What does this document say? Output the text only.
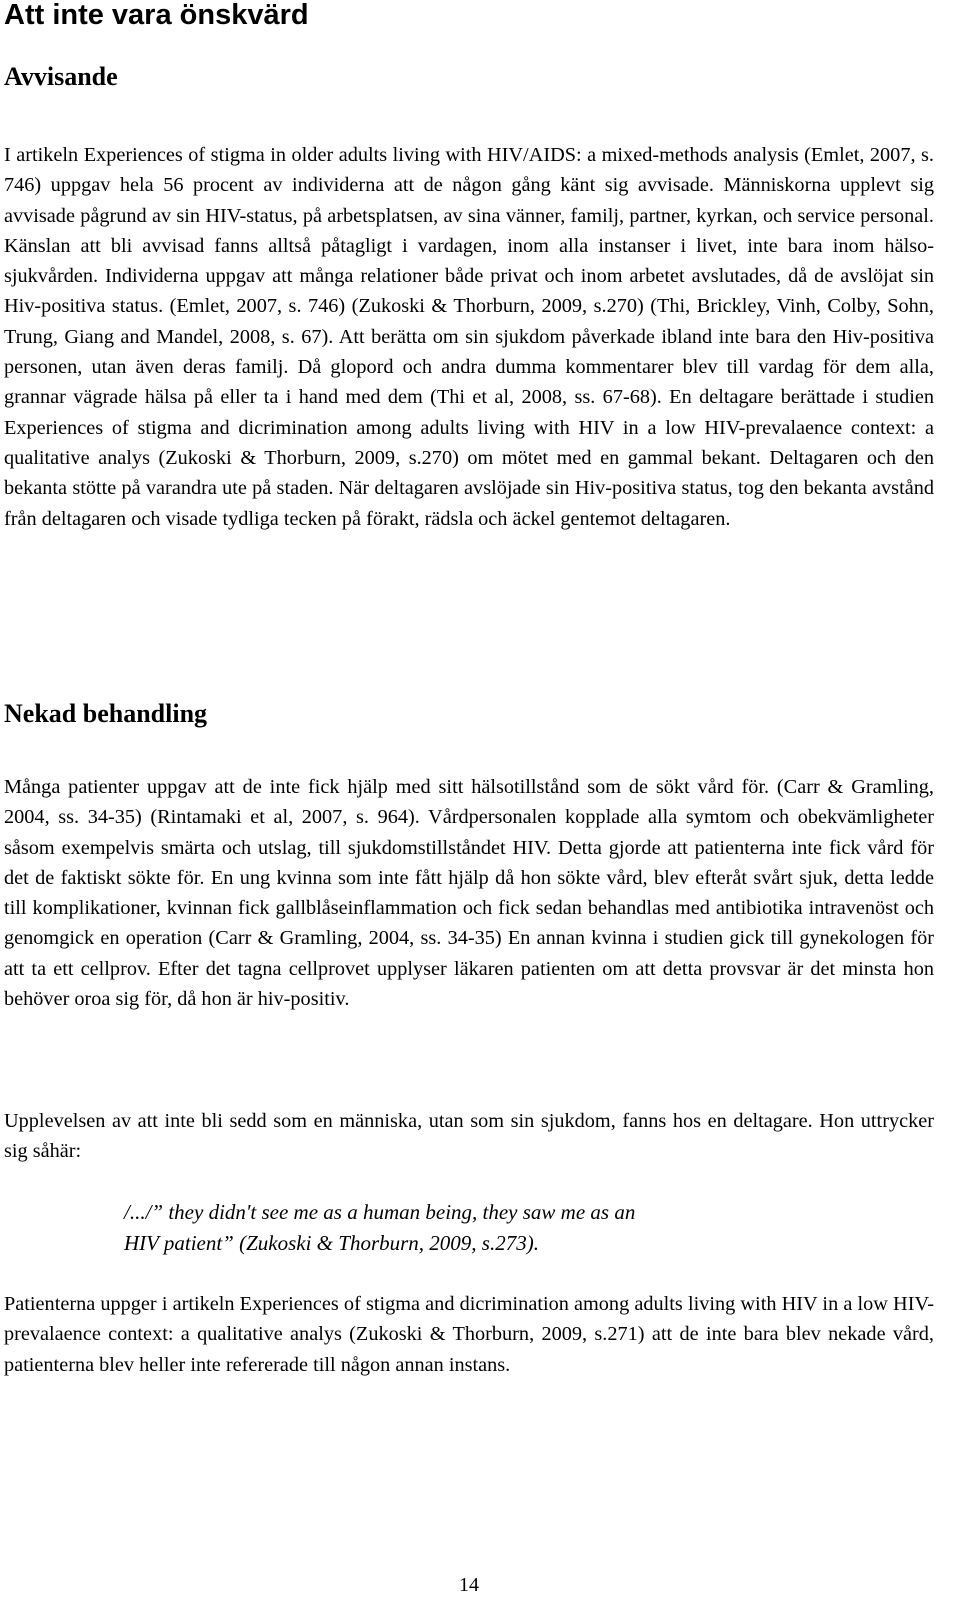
Att inte vara önskvärd
Avvisande

I artikeln Experiences of stigma in older adults living with HIV/AIDS: a mixed-methods analysis (Emlet, 2007, s. 746) uppgav hela 56 procent av individerna att de någon gång känt sig avvisade. Människorna upplevt sig avvisade pågrund av sin HIV-status, på arbetsplatsen, av sina vänner, familj, partner, kyrkan, och service personal. Känslan att bli avvisad fanns alltså påtagligt i vardagen, inom alla instanser i livet, inte bara inom hälso-sjukvården. Individerna uppgav att många relationer både privat och inom arbetet avslutades, då de avslöjat sin Hiv-positiva status. (Emlet, 2007, s. 746) (Zukoski & Thorburn, 2009, s.270) (Thi, Brickley, Vinh, Colby, Sohn, Trung, Giang and Mandel, 2008, s. 67). Att berätta om sin sjukdom påverkade ibland inte bara den Hiv-positiva personen, utan även deras familj. Då glopord och andra dumma kommentarer blev till vardag för dem alla, grannar vägrade hälsa på eller ta i hand med dem (Thi et al, 2008, ss. 67-68). En deltagare berättade i studien Experiences of stigma and dicrimination among adults living with HIV in a low HIV-prevalaence context: a qualitative analys (Zukoski & Thorburn, 2009, s.270) om mötet med en gammal bekant. Deltagaren och den bekanta stötte på varandra ute på staden. När deltagaren avslöjade sin Hiv-positiva status, tog den bekanta avstånd från deltagaren och visade tydliga tecken på förakt, rädsla och äckel gentemot deltagaren.

Nekad behandling

Många patienter uppgav att de inte fick hjälp med sitt hälsotillstånd som de sökt vård för. (Carr & Gramling, 2004, ss. 34-35) (Rintamaki et al, 2007, s. 964). Vårdpersonalen kopplade alla symtom och obekvämligheter såsom exempelvis smärta och utslag, till sjukdomstillståndet HIV. Detta gjorde att patienterna inte fick vård för det de faktiskt sökte för. En ung kvinna som inte fått hjälp då hon sökte vård, blev efteråt svårt sjuk, detta ledde till komplikationer, kvinnan fick gallblåseinflammation och fick sedan behandlas med antibiotika intravenöst och genomgick en operation (Carr & Gramling, 2004, ss. 34-35) En annan kvinna i studien gick till gynekologen för att ta ett cellprov. Efter det tagna cellprovet upplyser läkaren patienten om att detta provsvar är det minsta hon behöver oroa sig för, då hon är hiv-positiv.

Upplevelsen av att inte bli sedd som en människa, utan som sin sjukdom, fanns hos en deltagare. Hon uttrycker sig såhär:

/.../” they didn't see me as a human being, they saw me as an
HIV patient” (Zukoski & Thorburn, 2009, s.273).

Patienterna uppger i artikeln Experiences of stigma and dicrimination among adults living with HIV in a low HIV-prevalaence context: a qualitative analys (Zukoski & Thorburn, 2009, s.271) att de inte bara blev nekade vård, patienterna blev heller inte refererade till någon annan instans.

14
